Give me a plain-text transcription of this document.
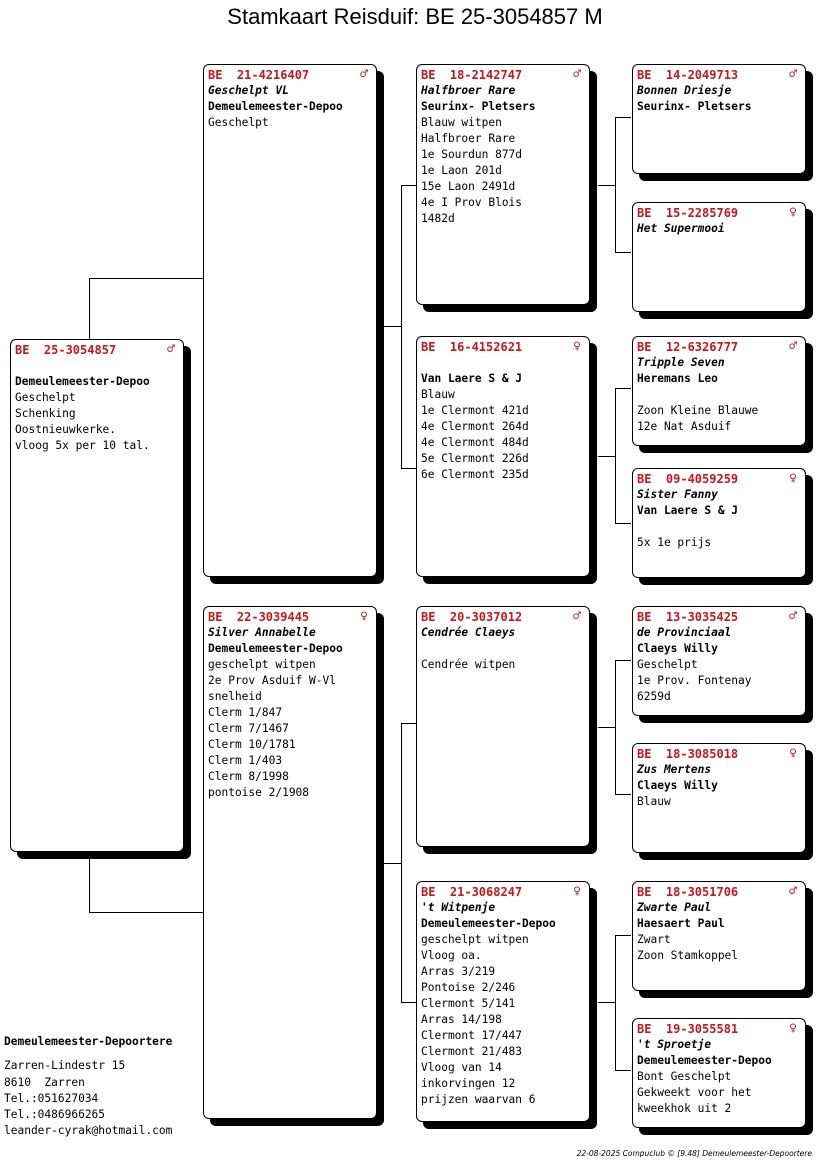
Stamkaart Reisduif: BE 25-3054857 M
BE  25-3054857	♂

Demeulemeester-Depoo
Geschelpt
Schenking
Oostnieuwkerke.
vloog 5x per 10 tal.
BE  21-4216407	♂
Geschelpt VL
Demeulemeester-Depoo
Geschelpt
BE  22-3039445	♀
Silver Annabelle
Demeulemeester-Depoo
geschelpt witpen
2e Prov Asduif W-Vl
snelheid
Clerm 1/847
Clerm 7/1467
Clerm 10/1781
Clerm 1/403
Clerm 8/1998
pontoise 2/1908
BE  18-2142747	♂
Halfbroer Rare
Seurinx- Pletsers
Blauw witpen
Halfbroer Rare
1e Sourdun 877d
1e Laon 201d
15e Laon 2491d
4e I Prov Blois
1482d
BE  16-4152621	♀

Van Laere S & J
Blauw
1e Clermont 421d
4e Clermont 264d
4e Clermont 484d
5e Clermont 226d
6e Clermont 235d
BE  20-3037012	♂
Cendrée Claeys

Cendrée witpen
BE  21-3068247	♀
't Witpenje
Demeulemeester-Depoo
geschelpt witpen
Vloog oa.
Arras 3/219
Pontoise 2/246
Clermont 5/141
Arras 14/198
Clermont 17/447
Clermont 21/483
Vloog van 14
inkorvingen 12
prijzen waarvan 6
BE  14-2049713	♂
Bonnen Driesje
Seurinx- Pletsers
BE  15-2285769	♀
Het Supermooi
BE  12-6326777	♂
Tripple Seven
Heremans Leo

Zoon Kleine Blauwe
12e Nat Asduif
BE  09-4059259	♀
Sister Fanny
Van Laere S & J

5x 1e prijs
BE  13-3035425	♂
de Provinciaal
Claeys Willy
Geschelpt
1e Prov. Fontenay
6259d
BE  18-3085018	♀
Zus Mertens
Claeys Willy
Blauw
BE  18-3051706	♂
Zwarte Paul
Haesaert Paul
Zwart
Zoon Stamkoppel
BE  19-3055581	♀
't Sproetje
Demeulemeester-Depoo
Bont Geschelpt
Gekweekt voor het
kweekhok uit 2
Demeulemeester-Depoortere
Zarren-Lindestr 15
8610  Zarren
Tel.:051627034
Tel.:0486966265
leander-cyrak@hotmail.com
22-08-2025 Compuclub © [9.48] Demeulemeester-Depoortere
